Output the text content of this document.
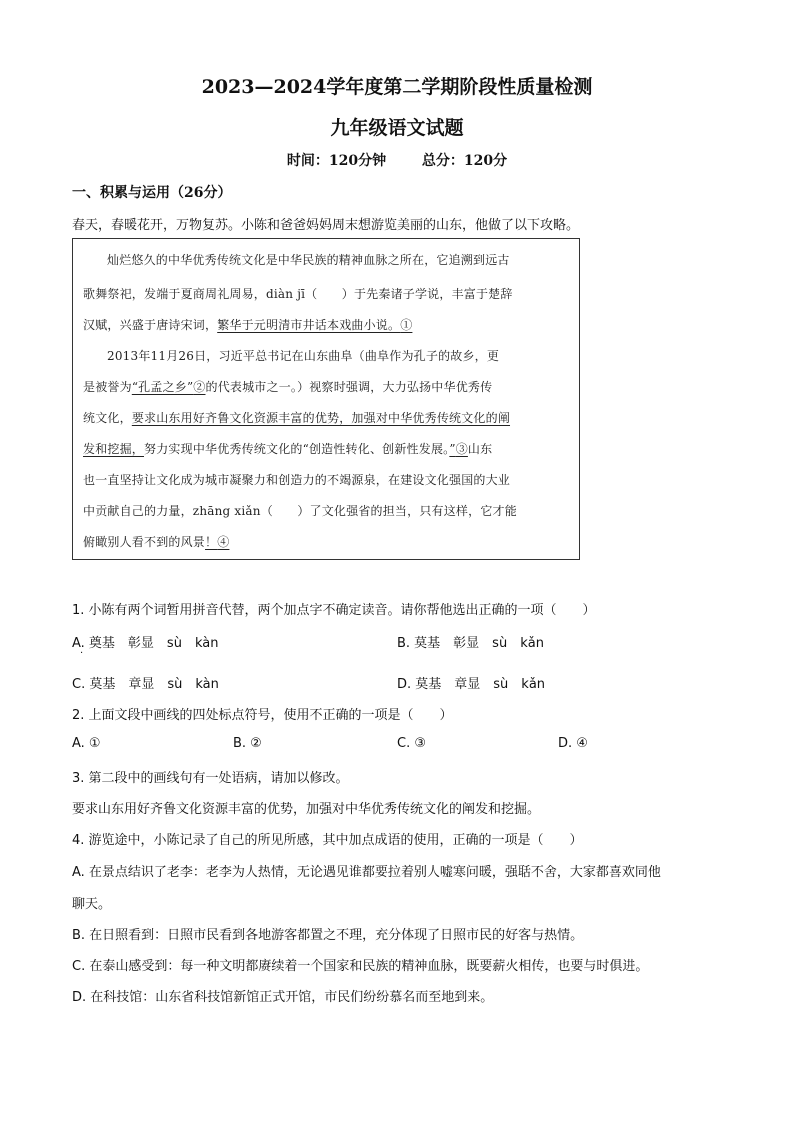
2023—2024学年度第二学期阶段性质量检测
九年级语文试题
时间：120分钟	总分：120分
一、积累与运用（26分）
春天，春暖花开，万物复苏。小陈和爸爸妈妈周末想游览美丽的山东，他做了以下攻略。
灿烂悠久的中华优秀传统文化是中华民族的精神血脉之所在，它追溯到远古
歌舞祭祀，发端于夏商周礼周易，diàn jī（　　）于先秦诸子学说，丰富于楚辞
汉赋，兴盛于唐诗宋词，繁华于元明清市井话本戏曲小说。①
2013年11月26日，习近平总书记在山东曲阜（曲阜作为孔子的故乡，更
是被誉为“孔孟之乡”②的代表城市之一。）视察时强调，大力弘扬中华优秀传
统文化，要求山东用好齐鲁文化资源丰富的优势，加强对中华优秀传统文化的阐
发和挖掘，努力实现中华优秀传统文化的“创造性转化、创新性发展。”③山东
也一直坚持让文化成为城市凝聚力和创造力的不竭源泉，在建设文化强国的大业
中贡献自己的力量，zhāng xiǎn（　　）了文化强省的担当，只有这样，它才能
俯瞰别人看不到的风景！④
1. 小陈有两个词暂用拼音代替，两个加点字不确定读音。请你帮他选出正确的一项（　　）
A. 奠基　彰显　sù　kàn
·
B. 莫基　彰显　sù　kǎn
C. 莫基　章显　sù　kàn	D. 莫基　章显　sù　kǎn
2. 上面文段中画线的四处标点符号，使用不正确的一项是（　　）
A. ①	B. ②	C. ③	D. ④
3. 第二段中的画线句有一处语病，请加以修改。
要求山东用好齐鲁文化资源丰富的优势，加强对中华优秀传统文化的阐发和挖掘。
4. 游览途中，小陈记录了自己的所见所感，其中加点成语的使用，正确的一项是（　　）
A. 在景点结识了老李：老李为人热情，无论遇见谁都要拉着别人嘘寒问暖，强聒不舍，大家都喜欢同他
聊天。
B. 在日照看到：日照市民看到各地游客都置之不理，充分体现了日照市民的好客与热情。
C. 在泰山感受到：每一种文明都赓续着一个国家和民族的精神血脉，既要薪火相传，也要与时俱进。
D. 在科技馆：山东省科技馆新馆正式开馆，市民们纷纷慕名而至地到来。
